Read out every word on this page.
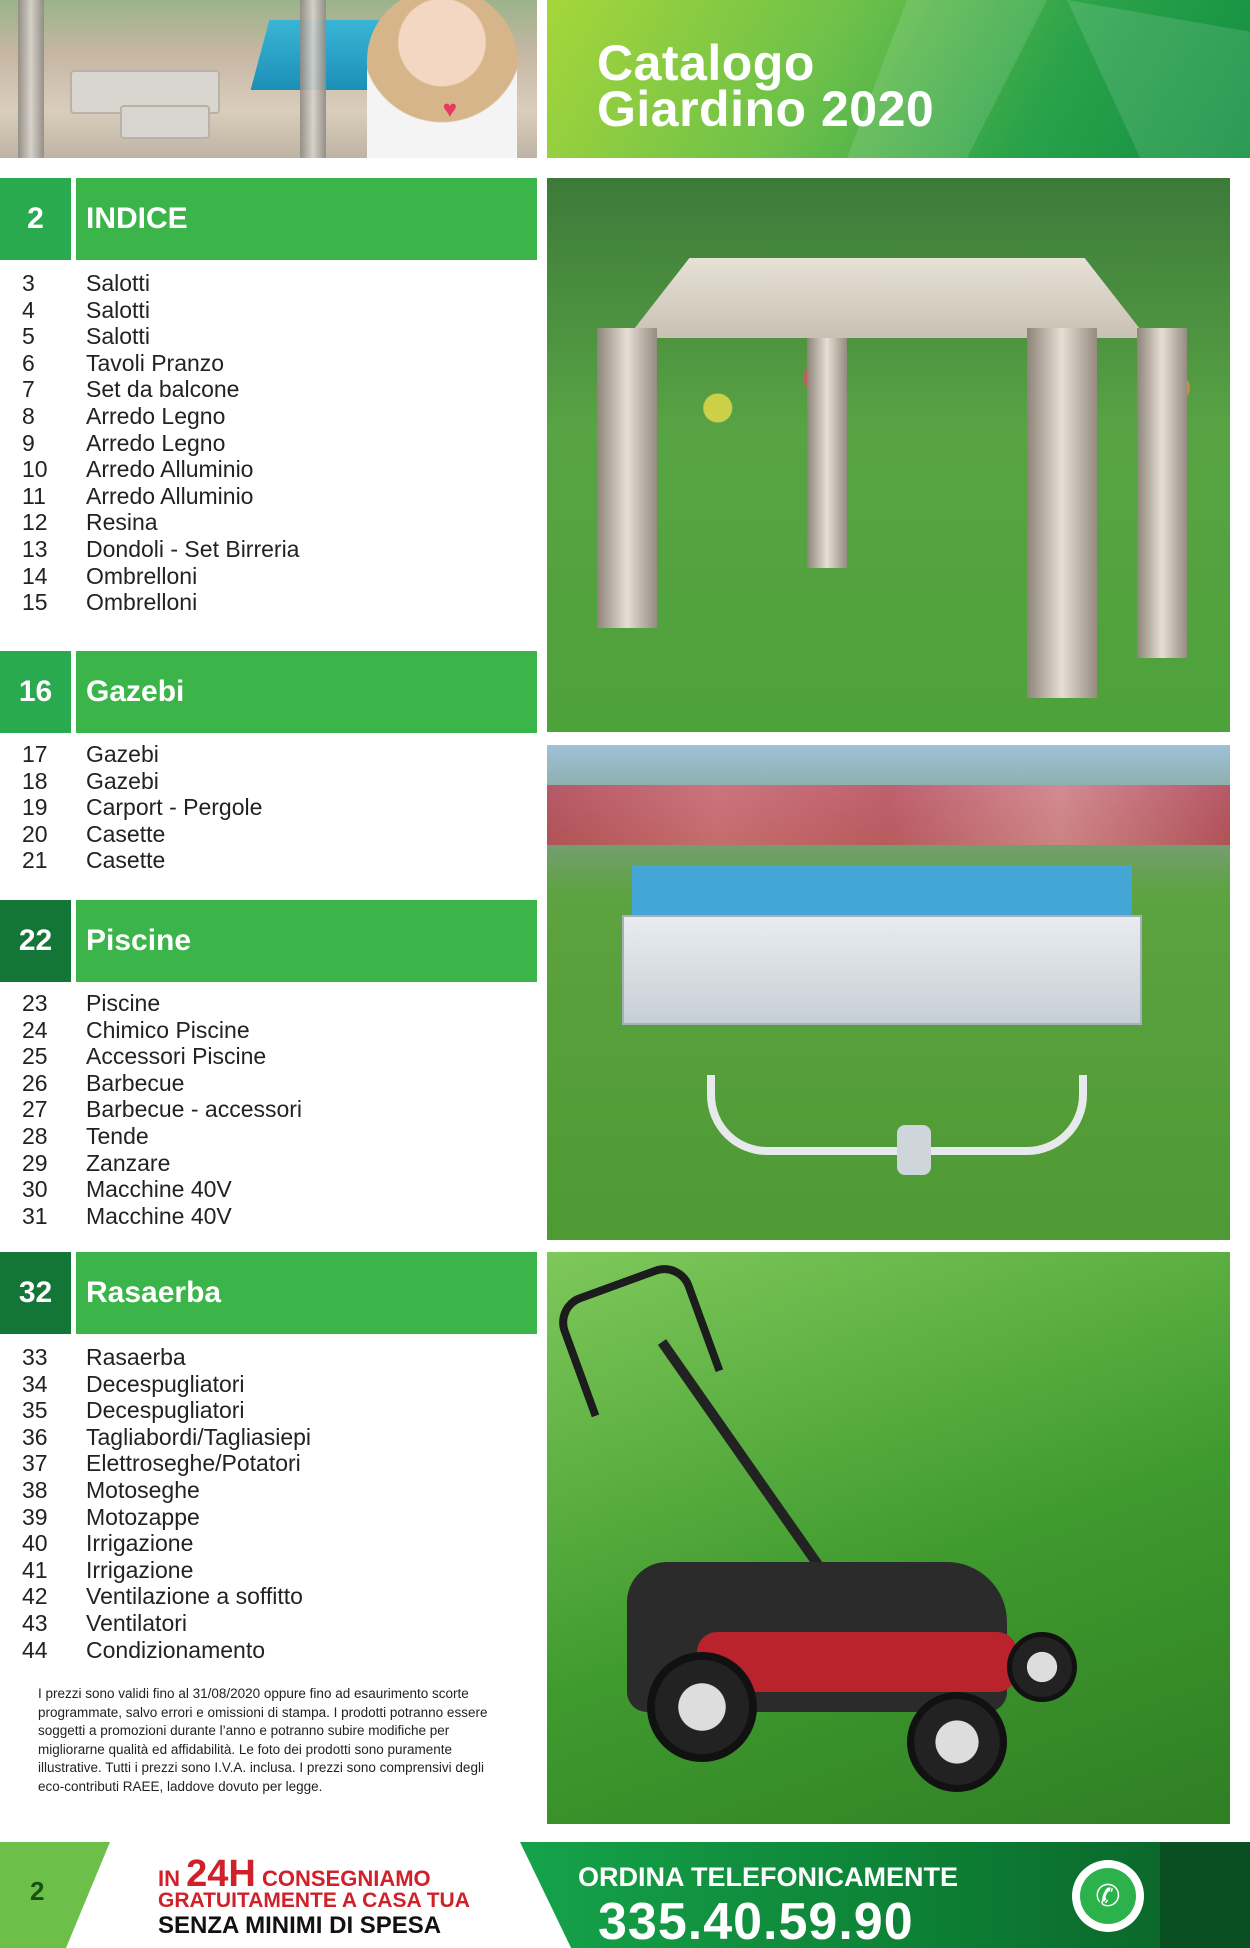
♥
Catalogo
Giardino 2020
2	INDICE
3	Salotti
4	Salotti
5	Salotti
6	Tavoli Pranzo
7	Set da balcone
8	Arredo Legno
9	Arredo Legno
10	Arredo Alluminio
11	Arredo Alluminio
12	Resina
13	Dondoli - Set Birreria
14	Ombrelloni
15	Ombrelloni
16	Gazebi
17	Gazebi
18	Gazebi
19	Carport - Pergole
20	Casette
21	Casette
22	Piscine
23	Piscine
24	Chimico Piscine
25	Accessori Piscine
26	Barbecue
27	Barbecue - accessori
28	Tende
29	Zanzare
30	Macchine 40V
31	Macchine 40V
32	Rasaerba
33	Rasaerba
34	Decespugliatori
35	Decespugliatori
36	Tagliabordi/Tagliasiepi
37	Elettroseghe/Potatori
38	Motoseghe
39	Motozappe
40	Irrigazione
41	Irrigazione
42	Ventilazione a soffitto
43	Ventilatori
44	Condizionamento

I prezzi sono validi fino al 31/08/2020 oppure fino ad esaurimento scorte programmate, salvo errori e omissioni di stampa. I prodotti potranno essere soggetti a promozioni durante l’anno e potranno subire modifiche per migliorarne qualità ed affidabilità. Le foto dei prodotti sono puramente illustrative. Tutti i prezzi sono I.V.A. inclusa. I prezzi sono comprensivi degli eco-contributi RAEE, laddove dovuto per legge.

2	IN 24H CONSEGNIAMO
GRATUITAMENTE A CASA TUA
SENZA MINIMI DI SPESA
ORDINA TELEFONICAMENTE
335.40.59.90	✆
